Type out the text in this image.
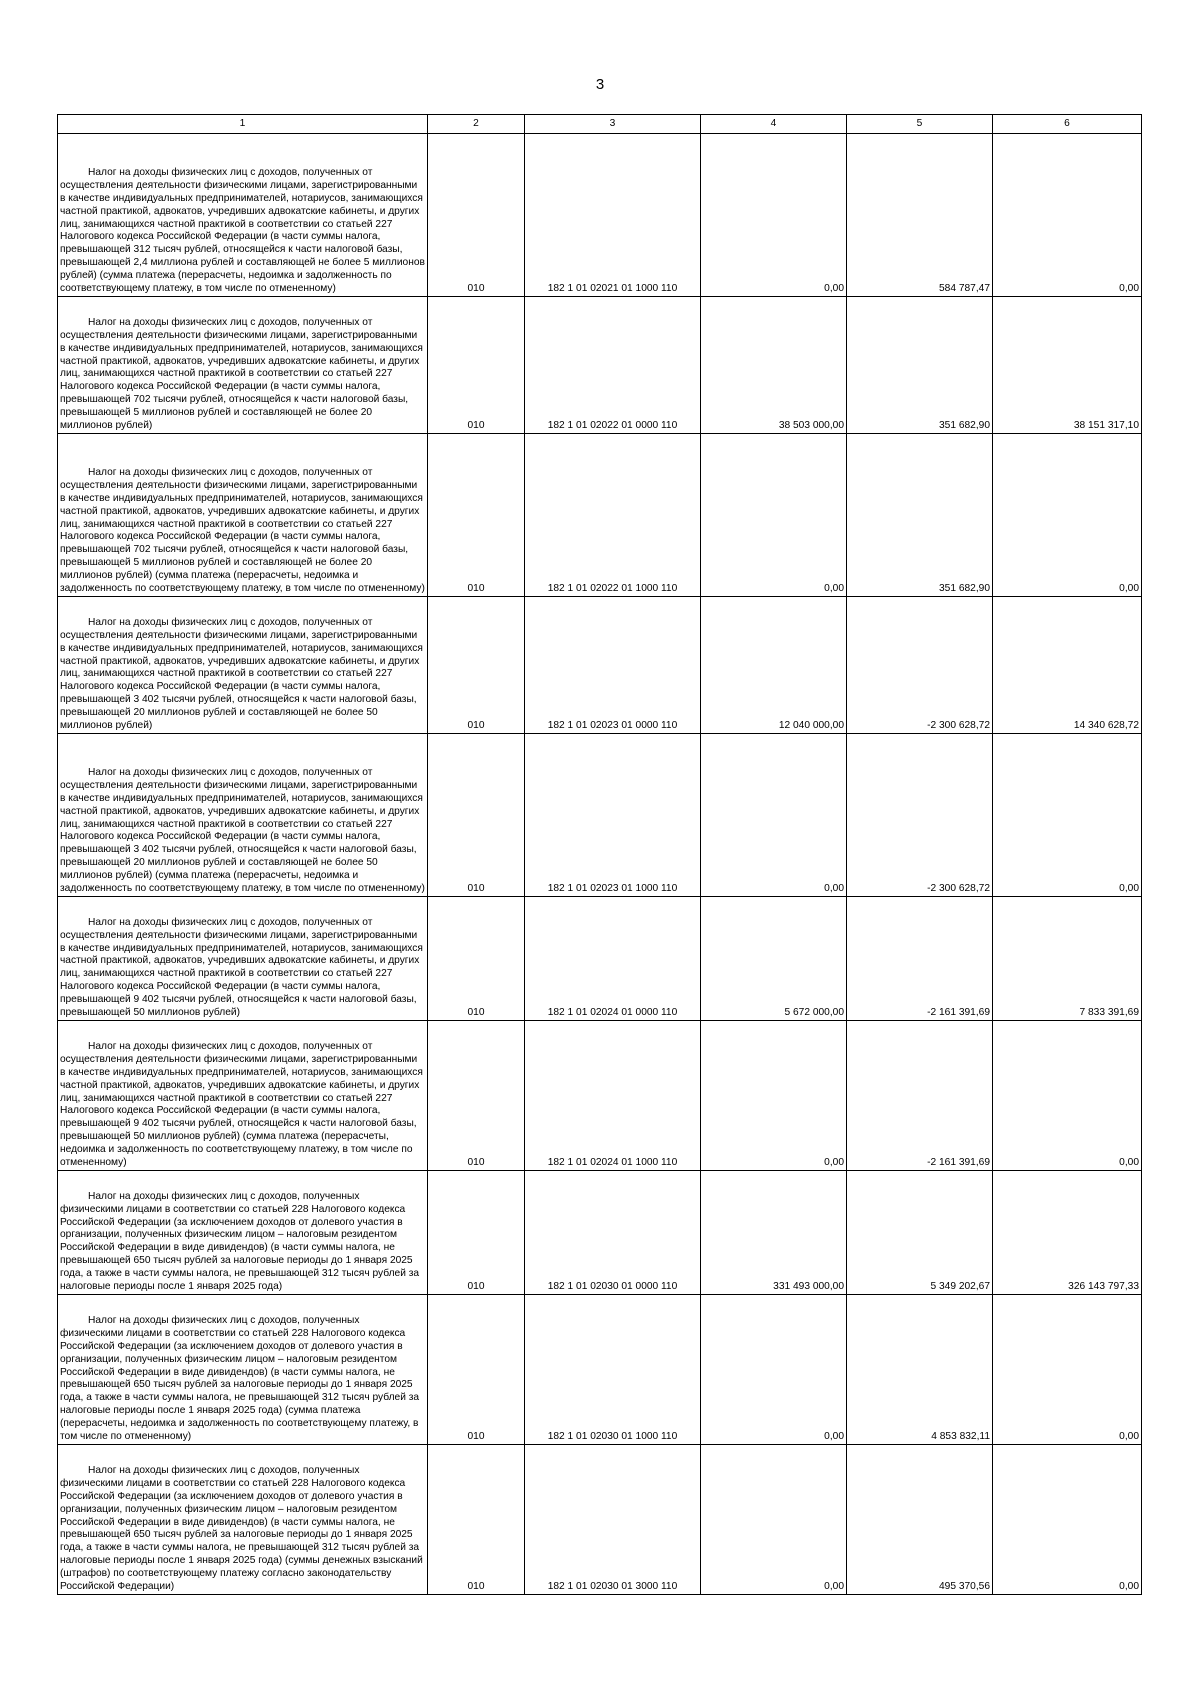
3
1	2	3	4	5	6

Налог на доходы физических лиц с доходов, полученных от осуществления деятельности физическими лицами, зарегистрированными в качестве индивидуальных предпринимателей, нотариусов, занимающихся частной практикой, адвокатов, учредивших адвокатские кабинеты, и других лиц, занимающихся частной практикой в соответствии со статьей 227 Налогового кодекса Российской Федерации (в части суммы налога, превышающей 312 тысяч рублей, относящейся к части налоговой базы, превышающей 2,4 миллиона рублей и составляющей не более 5 миллионов рублей) (сумма платежа (перерасчеты, недоимка и задолженность по соответствующему платежу, в том числе по отмененному)	010	182 1 01 02021 01 1000 110	0,00	584 787,47	0,00

Налог на доходы физических лиц с доходов, полученных от осуществления деятельности физическими лицами, зарегистрированными в качестве индивидуальных предпринимателей, нотариусов, занимающихся частной практикой, адвокатов, учредивших адвокатские кабинеты, и других лиц, занимающихся частной практикой в соответствии со статьей 227 Налогового кодекса Российской Федерации (в части суммы налога, превышающей 702 тысячи рублей, относящейся к части налоговой базы, превышающей 5 миллионов рублей и составляющей не более 20 миллионов рублей)	010	182 1 01 02022 01 0000 110	38 503 000,00	351 682,90	38 151 317,10

Налог на доходы физических лиц с доходов, полученных от осуществления деятельности физическими лицами, зарегистрированными в качестве индивидуальных предпринимателей, нотариусов, занимающихся частной практикой, адвокатов, учредивших адвокатские кабинеты, и других лиц, занимающихся частной практикой в соответствии со статьей 227 Налогового кодекса Российской Федерации (в части суммы налога, превышающей 702 тысячи рублей, относящейся к части налоговой базы, превышающей 5 миллионов рублей и составляющей не более 20 миллионов рублей) (сумма платежа (перерасчеты, недоимка и задолженность по соответствующему платежу, в том числе по отмененному)	010	182 1 01 02022 01 1000 110	0,00	351 682,90	0,00

Налог на доходы физических лиц с доходов, полученных от осуществления деятельности физическими лицами, зарегистрированными в качестве индивидуальных предпринимателей, нотариусов, занимающихся частной практикой, адвокатов, учредивших адвокатские кабинеты, и других лиц, занимающихся частной практикой в соответствии со статьей 227 Налогового кодекса Российской Федерации (в части суммы налога, превышающей 3 402 тысячи рублей, относящейся к части налоговой базы, превышающей 20 миллионов рублей и составляющей не более 50 миллионов рублей)	010	182 1 01 02023 01 0000 110	12 040 000,00	-2 300 628,72	14 340 628,72

Налог на доходы физических лиц с доходов, полученных от осуществления деятельности физическими лицами, зарегистрированными в качестве индивидуальных предпринимателей, нотариусов, занимающихся частной практикой, адвокатов, учредивших адвокатские кабинеты, и других лиц, занимающихся частной практикой в соответствии со статьей 227 Налогового кодекса Российской Федерации (в части суммы налога, превышающей 3 402 тысячи рублей, относящейся к части налоговой базы, превышающей 20 миллионов рублей и составляющей не более 50 миллионов рублей) (сумма платежа (перерасчеты, недоимка и задолженность по соответствующему платежу, в том числе по отмененному)	010	182 1 01 02023 01 1000 110	0,00	-2 300 628,72	0,00

Налог на доходы физических лиц с доходов, полученных от осуществления деятельности физическими лицами, зарегистрированными в качестве индивидуальных предпринимателей, нотариусов, занимающихся частной практикой, адвокатов, учредивших адвокатские кабинеты, и других лиц, занимающихся частной практикой в соответствии со статьей 227 Налогового кодекса Российской Федерации (в части суммы налога, превышающей 9 402 тысячи рублей, относящейся к части налоговой базы, превышающей 50 миллионов рублей)	010	182 1 01 02024 01 0000 110	5 672 000,00	-2 161 391,69	7 833 391,69

Налог на доходы физических лиц с доходов, полученных от осуществления деятельности физическими лицами, зарегистрированными в качестве индивидуальных предпринимателей, нотариусов, занимающихся частной практикой, адвокатов, учредивших адвокатские кабинеты, и других лиц, занимающихся частной практикой в соответствии со статьей 227 Налогового кодекса Российской Федерации (в части суммы налога, превышающей 9 402 тысячи рублей, относящейся к части налоговой базы, превышающей 50 миллионов рублей) (сумма платежа (перерасчеты, недоимка и задолженность по соответствующему платежу, в том числе по отмененному)	010	182 1 01 02024 01 1000 110	0,00	-2 161 391,69	0,00

Налог на доходы физических лиц с доходов, полученных физическими лицами в соответствии со статьей 228 Налогового кодекса Российской Федерации (за исключением доходов от долевого участия в организации, полученных физическим лицом – налоговым резидентом Российской Федерации в виде дивидендов) (в части суммы налога, не превышающей 650 тысяч рублей за налоговые периоды до 1 января 2025 года, а также в части суммы налога, не превышающей 312 тысяч рублей за налоговые периоды после 1 января 2025 года)	010	182 1 01 02030 01 0000 110	331 493 000,00	5 349 202,67	326 143 797,33

Налог на доходы физических лиц с доходов, полученных физическими лицами в соответствии со статьей 228 Налогового кодекса Российской Федерации (за исключением доходов от долевого участия в организации, полученных физическим лицом – налоговым резидентом Российской Федерации в виде дивидендов) (в части суммы налога, не превышающей 650 тысяч рублей за налоговые периоды до 1 января 2025 года, а также в части суммы налога, не превышающей 312 тысяч рублей за налоговые периоды после 1 января 2025 года) (сумма платежа (перерасчеты, недоимка и задолженность по соответствующему платежу, в том числе по отмененному)	010	182 1 01 02030 01 1000 110	0,00	4 853 832,11	0,00

Налог на доходы физических лиц с доходов, полученных физическими лицами в соответствии со статьей 228 Налогового кодекса Российской Федерации (за исключением доходов от долевого участия в организации, полученных физическим лицом – налоговым резидентом Российской Федерации в виде дивидендов) (в части суммы налога, не превышающей 650 тысяч рублей за налоговые периоды до 1 января 2025 года, а также в части суммы налога, не превышающей 312 тысяч рублей за налоговые периоды после 1 января 2025 года) (суммы денежных взысканий (штрафов) по соответствующему платежу согласно законодательству Российской Федерации)	010	182 1 01 02030 01 3000 110	0,00	495 370,56	0,00
